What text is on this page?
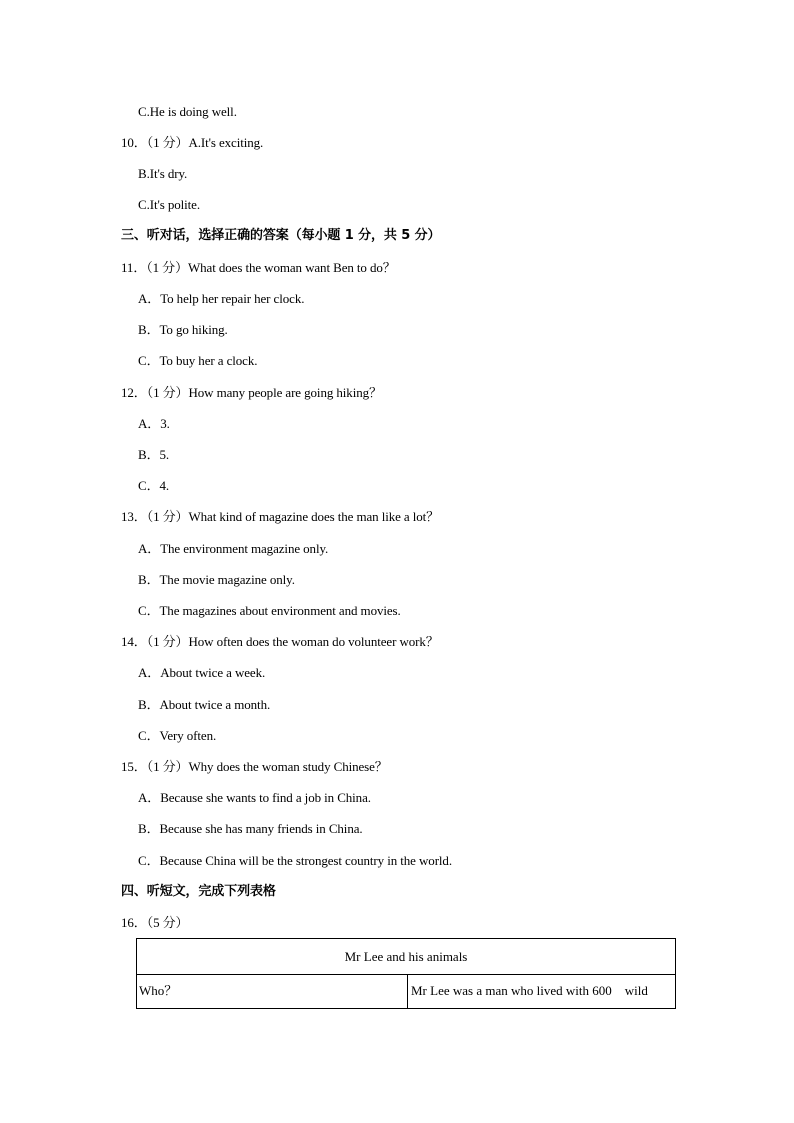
C.He is doing well.
10．（1 分）A.It's exciting.
B.It's dry.
C.It's polite.
三、听对话，选择正确的答案（每小题 1 分，共 5 分）
11．（1 分）What does the woman want Ben to do？
A．To help her repair her clock.
B．To go hiking.
C．To buy her a clock.
12．（1 分）How many people are going hiking？
A．3.
B．5.
C．4.
13．（1 分）What kind of magazine does the man like a lot？
A．The environment magazine only.
B．The movie magazine only.
C．The magazines about environment and movies.
14．（1 分）How often does the woman do volunteer work？
A．About twice a week.
B．About twice a month.
C．Very often.
15．（1 分）Why does the woman study Chinese？
A．Because she wants to find a job in China.
B．Because she has many friends in China.
C．Because China will be the strongest country in the world.
四、听短文，完成下列表格
16．（5 分）
Mr Lee and his animals
Who？	Mr Lee was a man who lived with 600    wild
